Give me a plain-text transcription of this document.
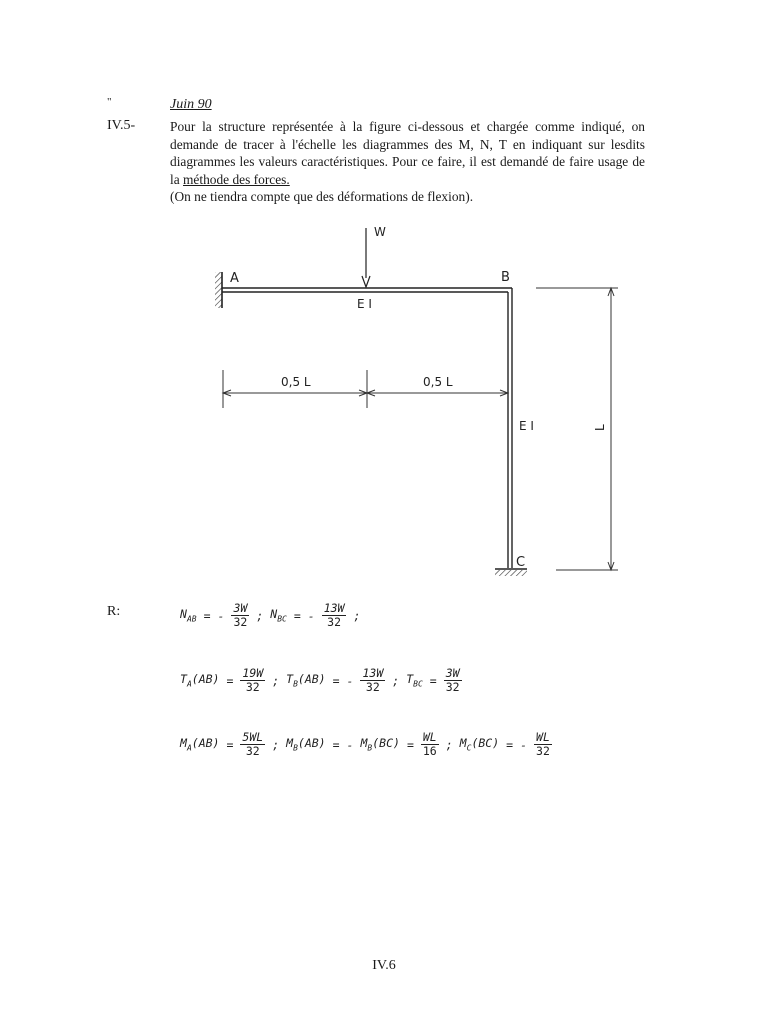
"	Juin 90
IV.5-	Pour la structure représentée à la figure ci-dessous et chargée comme indiqué, on demande de tracer à l'échelle les diagrammes des M, N, T en indiquant sur lesdits diagrammes les valeurs caractéristiques. Pour ce faire, il est demandé de faire usage de la méthode des forces.

(On ne tiendra compte que des déformations de flexion).

W
A	B
C
E I
E I
0,5 L	0,5 L
L
R:	$N_{AB}$ = - $\frac{3W}{32}$ ; $N_{BC}$ = - $\frac{13W}{32}$ ;
$T_A(AB) = \frac{19W}{32}$ ; $T_B(AB)$ = - $\frac{13W}{32}$ ; $T_{BC} = \frac{3W}{32}$
$M_A(AB) = \frac{5WL}{32}$ ; $M_B(AB)$ = - $M_B(BC) = \frac{WL}{16}$ ; $M_C(BC)$ = - $\frac{WL}{32}$
IV.6
